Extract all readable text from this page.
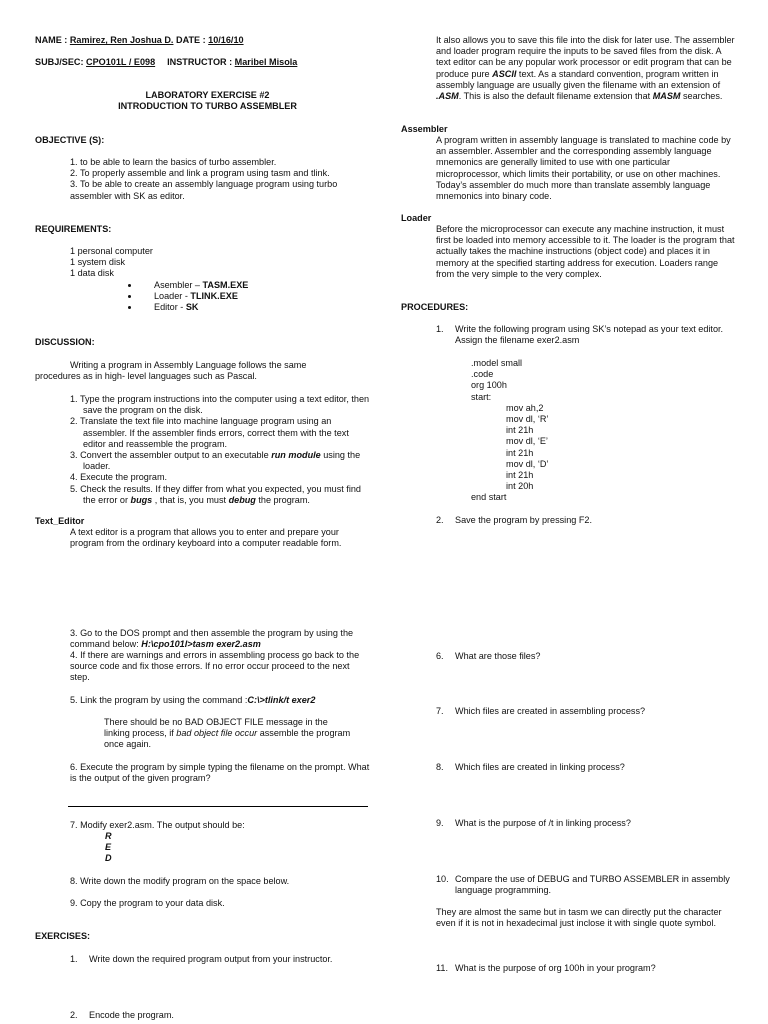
NAME : Ramirez, Ren Joshua D. DATE : 10/16/10
SUBJ/SEC: CPO101L / E098 INSTRUCTOR : Maribel Misola
LABORATORY EXERCISE #2
INTRODUCTION TO TURBO ASSEMBLER
OBJECTIVE (S):
1. to be able to learn the basics of turbo assembler.
2. To properly assemble and link a program using tasm and tlink.
3. To be able to create an assembly language program using turbo assembler with SK as editor.
REQUIREMENTS:
1 personal computer
1 system disk
1 data disk
• Asembler – TASM.EXE
• Loader - TLINK.EXE
• Editor - SK
DISCUSSION:
Writing a program in Assembly Language follows the same procedures as in high- level languages such as Pascal.
1. Type the program instructions into the computer using a text editor, then save the program on the disk.
2. Translate the text file into machine language program using an assembler. If the assembler finds errors, correct them with the text editor and reassemble the program.
3. Convert the assembler output to an executable run module using the loader.
4. Execute the program.
5. Check the results. If they differ from what you expected, you must find the error or bugs , that is, you must debug the program.
Text_Editor
A text editor is a program that allows you to enter and prepare your program from the ordinary keyboard into a computer readable form.
3. Go to the DOS prompt and then assemble the program by using the command below: H:\cpo101l>tasm exer2.asm
4. If there are warnings and errors in assembling process go back to the source code and fix those errors. If no error occur proceed to the next step.
5. Link the program by using the command :C:\>tlink/t exer2
There should be no BAD OBJECT FILE message in the linking process, if bad object file occur assemble the program once again.
6. Execute the program by simple typing the filename on the prompt. What is the output of the given program?
7. Modify exer2.asm. The output should be:
R
E
D
8. Write down the modify program on the space below.
9. Copy the program to your data disk.
EXERCISES:
1.	Write down the required program output from your instructor.
2.	Encode the program.
It also allows you to save this file into the disk for later use. The assembler and loader program require the inputs to be saved files from the disk. A text editor can be any popular work processor or edit program that can be produce pure ASCII text. As a standard convention, program written in assembly language are usually given the filename with an extension of .ASM. This is also the default filename extension that MASM searches.
Assembler
A program written in assembly language is translated to machine code by an assembler. Assembler and the corresponding assembly language mnemonics are generally limited to use with one particular microprocessor, which limits their portability, or use on other machines. Today’s assembler do much more than translate assembly language mnemonics into binary code.
Loader
Before the microprocessor can execute any machine instruction, it must first be loaded into memory accessible to it. The loader is the program that actually takes the machine instructions (object code) and places it in memory at the specified starting address for execution. Loaders range from the very simple to the very complex.
PROCEDURES:
1.	Write the following program using SK’s notepad as your text editor. Assign the filename exer2.asm
.model small
.code
org 100h
start:
mov ah,2
mov dl, ‘R’
int 21h
mov dl, ‘E’
int 21h
mov dl, ‘D’
int 21h
int 20h
end start
2.	Save the program by pressing F2.
6.	What are those files?
7.	Which files are created in assembling process?
8.	Which files are created in linking process?
9.	What is the purpose of /t in linking process?
10. Compare the use of DEBUG and TURBO ASSEMBLER in assembly language programming.
They are almost the same but in tasm we can directly put the character even if it is not in hexadecimal just inclose it with single quote symbol.
11. What is the purpose of org 100h in your program?
